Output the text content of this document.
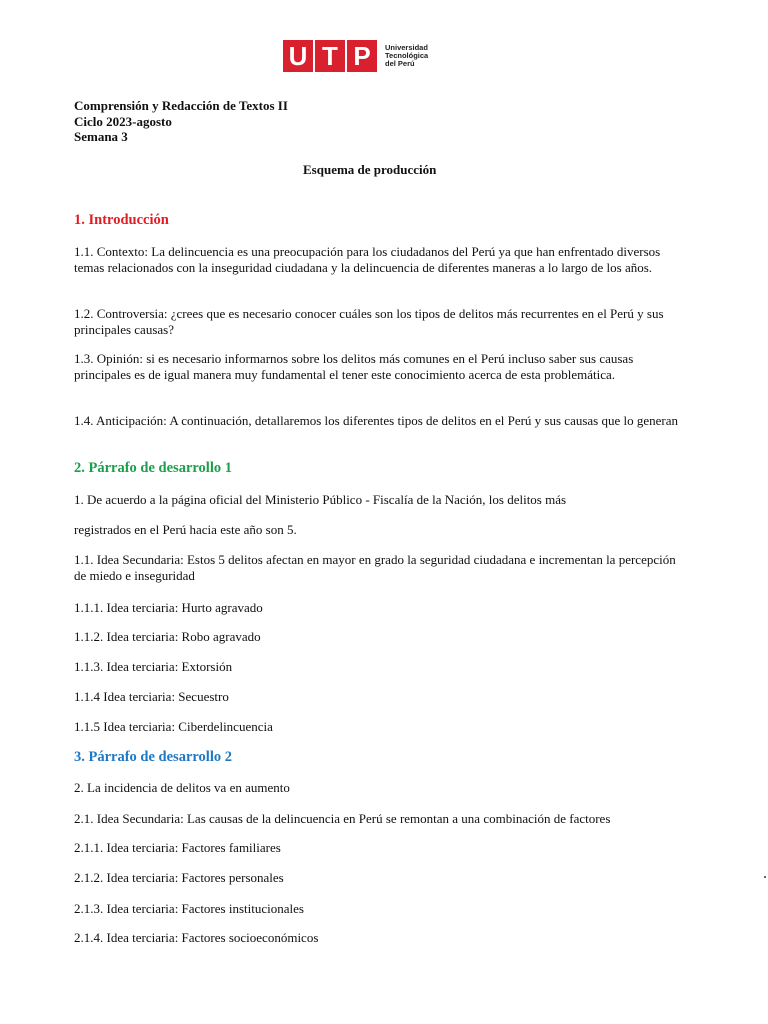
U T P	Universidad
Tecnológica
del Perú
Comprensión y Redacción de Textos II
Ciclo 2023-agosto
Semana 3
Esquema de producción
1. Introducción
1.1. Contexto: La delincuencia es una preocupación para los ciudadanos del Perú ya que han enfrentado diversos temas relacionados con la inseguridad ciudadana y la delincuencia de diferentes maneras a lo largo de los años.
1.2. Controversia: ¿crees que es necesario conocer cuáles son los tipos de delitos más recurrentes en el Perú y sus principales causas?
1.3. Opinión: si es necesario informarnos sobre los delitos más comunes en el Perú incluso saber sus causas principales es de igual manera muy fundamental el tener este conocimiento acerca de esta problemática.
1.4. Anticipación: A continuación, detallaremos los diferentes tipos de delitos en el Perú y sus causas que lo generan
2. Párrafo de desarrollo 1
1. De acuerdo a la página oficial del Ministerio Público - Fiscalía de la Nación, los delitos más
registrados en el Perú hacia este año son 5.
1.1. Idea Secundaria: Estos 5 delitos afectan en mayor en grado la seguridad ciudadana e incrementan la percepción de miedo e inseguridad
1.1.1. Idea terciaria: Hurto agravado
1.1.2. Idea terciaria: Robo agravado
1.1.3. Idea terciaria: Extorsión
1.1.4 Idea terciaria: Secuestro
1.1.5 Idea terciaria: Ciberdelincuencia
3. Párrafo de desarrollo 2
2. La incidencia de delitos va en aumento
2.1. Idea Secundaria: Las causas de la delincuencia en Perú se remontan a una combinación de factores
2.1.1. Idea terciaria: Factores familiares
2.1.2. Idea terciaria: Factores personales
2.1.3. Idea terciaria: Factores institucionales
2.1.4. Idea terciaria: Factores socioeconómicos
